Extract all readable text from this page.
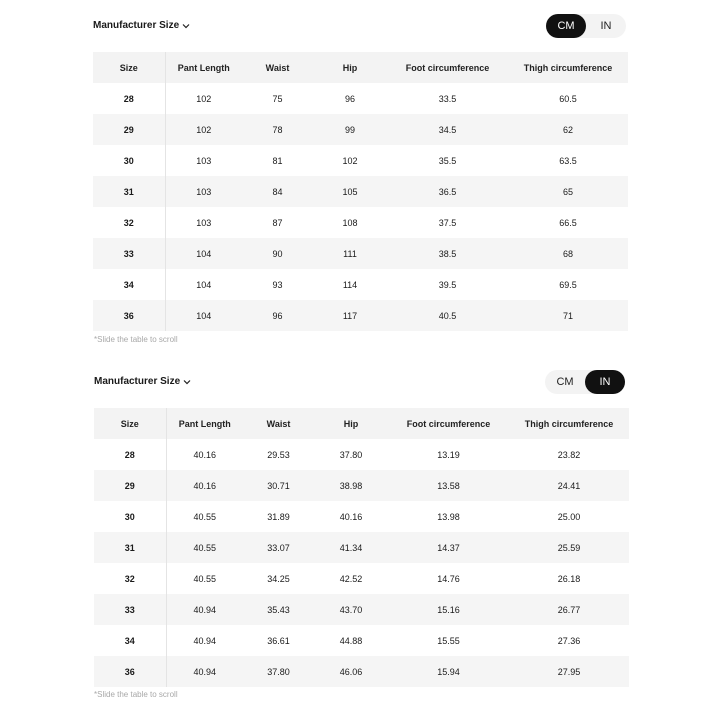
Manufacturer Size	CM	IN
Size	Pant Length	Waist	Hip	Foot circumference	Thigh circumference
28	102	75	96	33.5	60.5
29	102	78	99	34.5	62
30	103	81	102	35.5	63.5
31	103	84	105	36.5	65
32	103	87	108	37.5	66.5
33	104	90	111	38.5	68
34	104	93	114	39.5	69.5
36	104	96	117	40.5	71
*Slide the table to scroll
Manufacturer Size	CM	IN
Size	Pant Length	Waist	Hip	Foot circumference	Thigh circumference
28	40.16	29.53	37.80	13.19	23.82
29	40.16	30.71	38.98	13.58	24.41
30	40.55	31.89	40.16	13.98	25.00
31	40.55	33.07	41.34	14.37	25.59
32	40.55	34.25	42.52	14.76	26.18
33	40.94	35.43	43.70	15.16	26.77
34	40.94	36.61	44.88	15.55	27.36
36	40.94	37.80	46.06	15.94	27.95
*Slide the table to scroll
